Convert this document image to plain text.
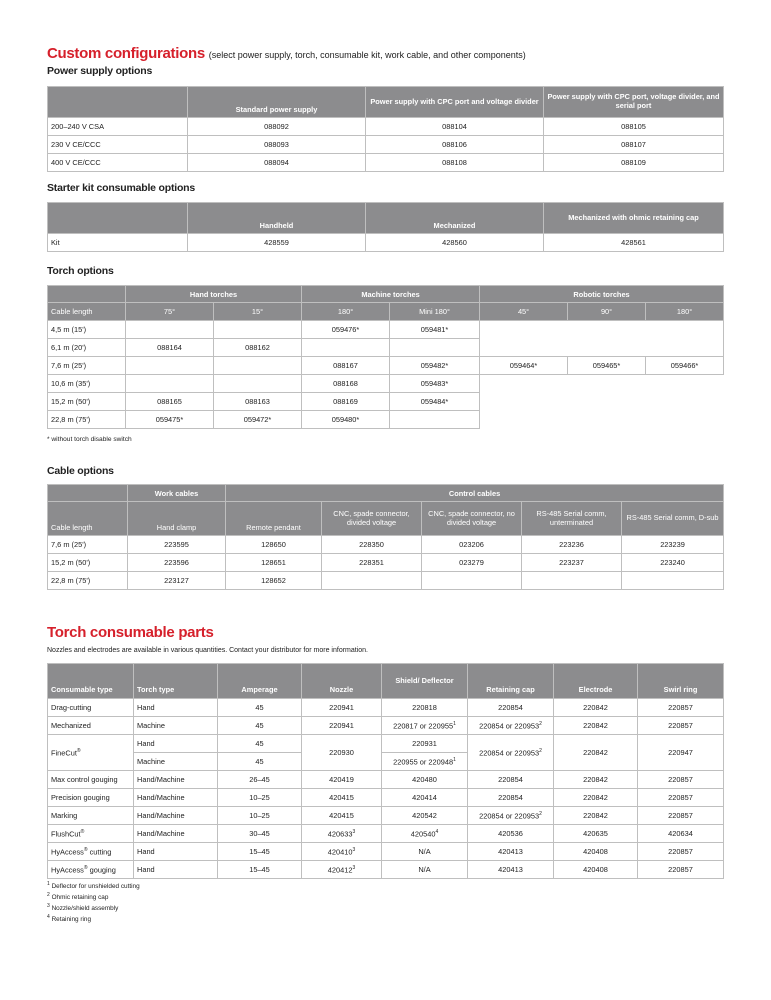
Custom configurations (select power supply, torch, consumable kit, work cable, and other components)
Power supply options
	Standard power supply	Power supply with CPC port and voltage divider	Power supply with CPC port, voltage divider, and serial port
200–240 V CSA	088092	088104	088105
230 V CE/CCC	088093	088106	088107
400 V CE/CCC	088094	088108	088109
Starter kit consumable options
	Handheld	Mechanized	Mechanized with ohmic retaining cap
Kit	428559	428560	428561
Torch options
	Hand torches		Machine torches		Robotic torches		
Cable length	75°	15°	180°	Mini 180°	45°	90°	180°
4,5 m (15')			059476*	059481*			
6,1 m (20')	088164	088162					
7,6 m (25')			088167	059482*	059464*	059465*	059466*
10,6 m (35')			088168	059483*			
15,2 m (50')	088165	088163	088169	059484*			
22,8 m (75')	059475*	059472*	059480*				
* without torch disable switch
Cable options
	Work cables	Control cables				
Cable length	Hand clamp	Remote pendant	CNC, spade connector, divided voltage	CNC, spade connector, no divided voltage	RS-485 Serial comm, unterminated	RS-485 Serial comm, D-sub
7,6 m (25')	223595	128650	228350	023206	223236	223239
15,2 m (50')	223596	128651	228351	023279	223237	223240
22,8 m (75')	223127	128652				
Torch consumable parts
Nozzles and electrodes are available in various quantities. Contact your distributor for more information.
Consumable type	Torch type	Amperage	Nozzle	Shield/ Deflector	Retaining cap	Electrode	Swirl ring
Drag-cutting	Hand	45	220941	220818	220854	220842	220857
Mechanized	Machine	45	220941	220817 or 220955$^1$	220854 or 220953$^2$	220842	220857
FineCut®	Hand	45	220930	220931	220854 or 220953$^2$	220842	220947
	Machine	45		220955 or 220948$^1$
Max control gouging	Hand/Machine	26–45	420419	420480	220854	220842	220857
Precision gouging	Hand/Machine	10–25	420415	420414	220854	220842	220857
Marking	Hand/Machine	10–25	420415	420542	220854 or 220953$^2$	220842	220857
FlushCut®	Hand/Machine	30–45	420633$^3$	420540$^4$	420536	420635	420634
HyAccess® cutting	Hand	15–45	420410$^3$	N/A	420413	420408	220857
HyAccess® gouging	Hand	15–45	420412$^3$	N/A	420413	420408	220857
$^1$ Deflector for unshielded cutting
$^2$ Ohmic retaining cap
$^3$ Nozzle/shield assembly
$^4$ Retaining ring
